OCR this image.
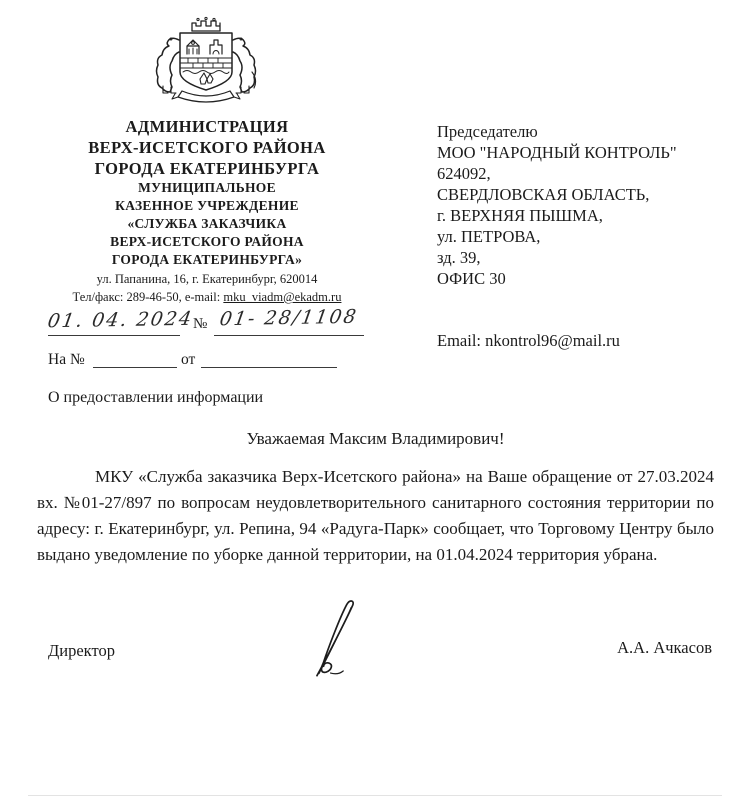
АДМИНИСТРАЦИЯ
ВЕРХ-ИСЕТСКОГО РАЙОНА
ГОРОДА ЕКАТЕРИНБУРГА
МУНИЦИПАЛЬНОЕ
КАЗЕННОЕ УЧРЕЖДЕНИЕ
«СЛУЖБА ЗАКАЗЧИКА
ВЕРХ-ИСЕТСКОГО РАЙОНА
ГОРОДА ЕКАТЕРИНБУРГА»
ул. Папанина, 16, г. Екатеринбург, 620014
Тел/факс: 289-46-50, e-mail: mku_viadm@ekadm.ru
Председателю
МОО "НАРОДНЫЙ КОНТРОЛЬ"
624092,
СВЕРДЛОВСКАЯ ОБЛАСТЬ,
г. ВЕРХНЯЯ ПЫШМА,
ул. ПЕТРОВА,
зд. 39,
ОФИС 30
Email: nkontrol96@mail.ru
01. 04. 2024
№ 01- 28/1108
На №	от
О предоставлении информации
Уважаемая Максим Владимирович!
МКУ «Служба заказчика Верх-Исетского района» на Ваше обращение от 27.03.2024 вх. №01-27/897 по вопросам неудовлетворительного санитарного состояния территории по адресу: г. Екатеринбург, ул. Репина, 94 «Радуга-Парк» сообщает, что Торговому Центру было выдано уведомление по уборке данной территории, на 01.04.2024 территория убрана.
Директор	А.А. Ачкасов
